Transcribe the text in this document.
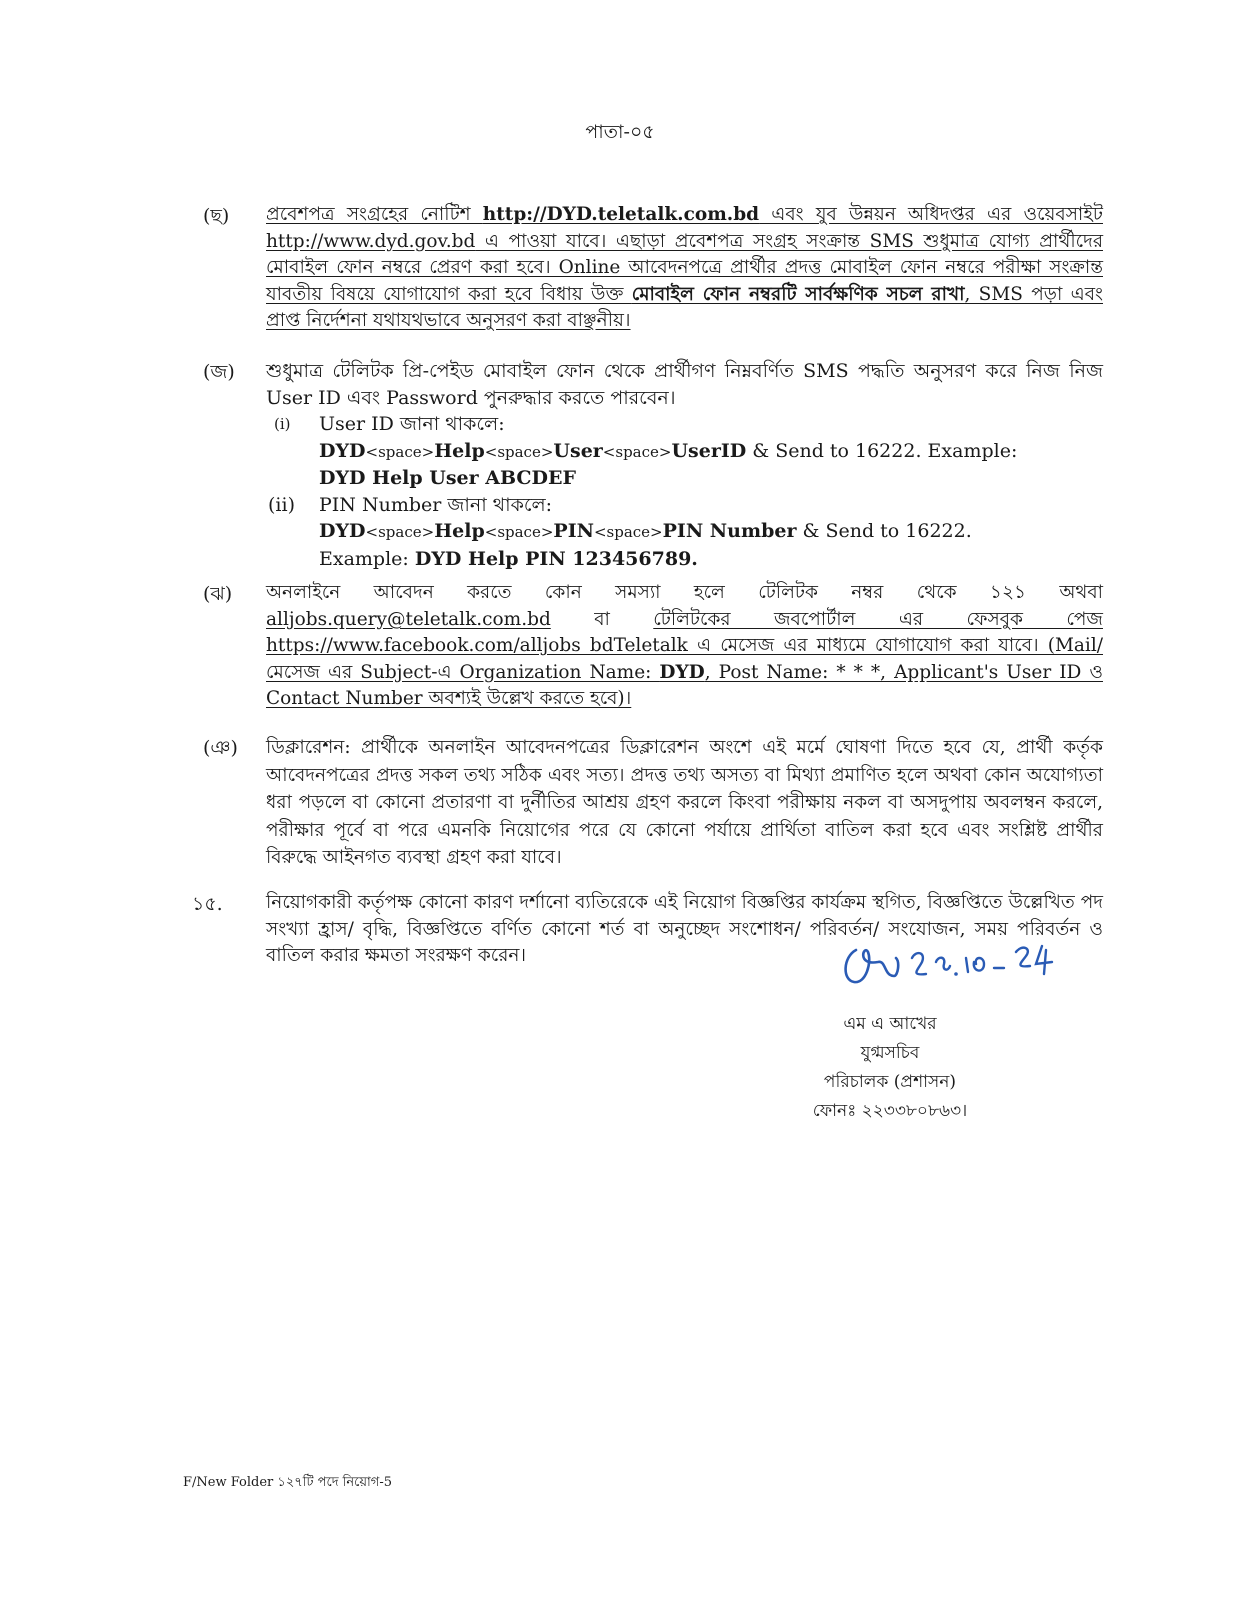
পাতা-০৫
(ছ) প্রবেশপত্র সংগ্রহের নোটিশ http://DYD.teletalk.com.bd এবং যুব উন্নয়ন অধিদপ্তর এর ওয়েবসাইট http://www.dyd.gov.bd এ পাওয়া যাবে। এছাড়া প্রবেশপত্র সংগ্রহ সংক্রান্ত SMS শুধুমাত্র যোগ্য প্রার্থীদের মোবাইল ফোন নম্বরে প্রেরণ করা হবে। Online আবেদনপত্রে প্রার্থীর প্রদত্ত মোবাইল ফোন নম্বরে পরীক্ষা সংক্রান্ত যাবতীয় বিষয়ে যোগাযোগ করা হবে বিধায় উক্ত মোবাইল ফোন নম্বরটি সার্বক্ষণিক সচল রাখা, SMS পড়া এবং প্রাপ্ত নির্দেশনা যথাযথভাবে অনুসরণ করা বাঞ্ছনীয়।
(জ) শুধুমাত্র টেলিটক প্রি-পেইড মোবাইল ফোন থেকে প্রার্থীগণ নিম্নবর্ণিত SMS পদ্ধতি অনুসরণ করে নিজ নিজ User ID এবং Password পুনরুদ্ধার করতে পারবেন।
(i) User ID জানা থাকলে:
DYD<space>Help<space>User<space>UserID & Send to 16222. Example:
DYD Help User ABCDEF
(ii) PIN Number জানা থাকলে:
DYD<space>Help<space>PIN<space>PIN Number & Send to 16222.
Example: DYD Help PIN 123456789.
(ঝ) অনলাইনে আবেদন করতে কোন সমস্যা হলে টেলিটক নম্বর থেকে ১২১ অথবা alljobs.query@teletalk.com.bd বা টেলিটকের জবপোর্টাল এর ফেসবুক পেজ https://www.facebook.com/alljobs bdTeletalk এ মেসেজ এর মাধ্যমে যোগাযোগ করা যাবে। (Mail/মেসেজ এর Subject-এ Organization Name: DYD, Post Name: * * *, Applicant's User ID ও Contact Number অবশ্যই উল্লেখ করতে হবে)।
(ঞ) ডিক্লারেশন: প্রার্থীকে অনলাইন আবেদনপত্রের ডিক্লারেশন অংশে এই মর্মে ঘোষণা দিতে হবে যে, প্রার্থী কর্তৃক আবেদনপত্রের প্রদত্ত সকল তথ্য সঠিক এবং সত্য। প্রদত্ত তথ্য অসত্য বা মিথ্যা প্রমাণিত হলে অথবা কোন অযোগ্যতা ধরা পড়লে বা কোনো প্রতারণা বা দুর্নীতির আশ্রয় গ্রহণ করলে কিংবা পরীক্ষায় নকল বা অসদুপায় অবলম্বন করলে, পরীক্ষার পূর্বে বা পরে এমনকি নিয়োগের পরে যে কোনো পর্যায়ে প্রার্থিতা বাতিল করা হবে এবং সংশ্লিষ্ট প্রার্থীর বিরুদ্ধে আইনগত ব্যবস্থা গ্রহণ করা যাবে।
১৫. নিয়োগকারী কর্তৃপক্ষ কোনো কারণ দর্শানো ব্যতিরেকে এই নিয়োগ বিজ্ঞপ্তির কার্যক্রম স্থগিত, বিজ্ঞপ্তিতে উল্লেখিত পদ সংখ্যা হ্রাস/ বৃদ্ধি, বিজ্ঞপ্তিতে বর্ণিত কোনো শর্ত বা অনুচ্ছেদ সংশোধন/ পরিবর্তন/ সংযোজন, সময় পরিবর্তন ও বাতিল করার ক্ষমতা সংরক্ষণ করেন।
এম এ আখের
যুগ্মসচিব
পরিচালক (প্রশাসন)
ফোনঃ ২২৩৩৮০৮৬৩।
F/New Folder ১২৭টি পদে নিয়োগ-5
